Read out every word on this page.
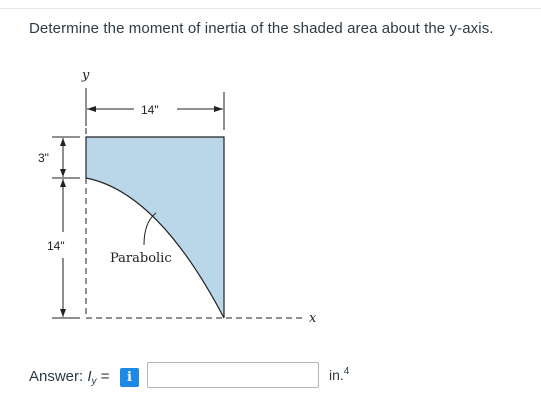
Determine the moment of inertia of the shaded area about the y-axis.
y
x
14"
3"
14"
Parabolic
Answer: $I_y$ =	i	in.$^4$
